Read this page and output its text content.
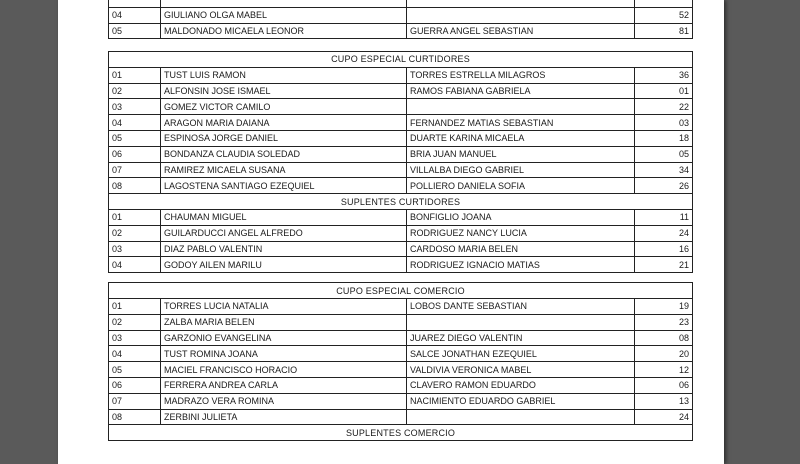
04	GIULIANO OLGA MABEL		52
05	MALDONADO MICAELA LEONOR	GUERRA ANGEL SEBASTIAN	81
CUPO ESPECIAL CURTIDORES			
01	TUST LUIS RAMON	TORRES ESTRELLA MILAGROS	36
02	ALFONSIN JOSE ISMAEL	RAMOS FABIANA GABRIELA	01
03	GOMEZ VICTOR CAMILO		22
04	ARAGON MARIA DAIANA	FERNANDEZ MATIAS SEBASTIAN	03
05	ESPINOSA JORGE DANIEL	DUARTE KARINA MICAELA	18
06	BONDANZA CLAUDIA SOLEDAD	BRIA JUAN MANUEL	05
07	RAMIREZ MICAELA SUSANA	VILLALBA DIEGO GABRIEL	34
08	LAGOSTENA SANTIAGO EZEQUIEL	POLLIERO DANIELA SOFIA	26
SUPLENTES CURTIDORES			
01	CHAUMAN MIGUEL	BONFIGLIO JOANA	11
02	GUILARDUCCI ANGEL ALFREDO	RODRIGUEZ NANCY LUCIA	24
03	DIAZ PABLO VALENTIN	CARDOSO MARIA BELEN	16
04	GODOY AILEN MARILU	RODRIGUEZ IGNACIO MATIAS	21

CUPO ESPECIAL COMERCIO			
01	TORRES LUCIA NATALIA	LOBOS DANTE SEBASTIAN	19
02	ZALBA MARIA BELEN		23
03	GARZONIO EVANGELINA	JUAREZ DIEGO VALENTIN	08
04	TUST ROMINA JOANA	SALCE JONATHAN EZEQUIEL	20
05	MACIEL FRANCISCO HORACIO	VALDIVIA VERONICA MABEL	12
06	FERRERA ANDREA CARLA	CLAVERO RAMON EDUARDO	06
07	MADRAZO VERA ROMINA	NACIMIENTO EDUARDO GABRIEL	13
08	ZERBINI JULIETA		24
SUPLENTES COMERCIO			
